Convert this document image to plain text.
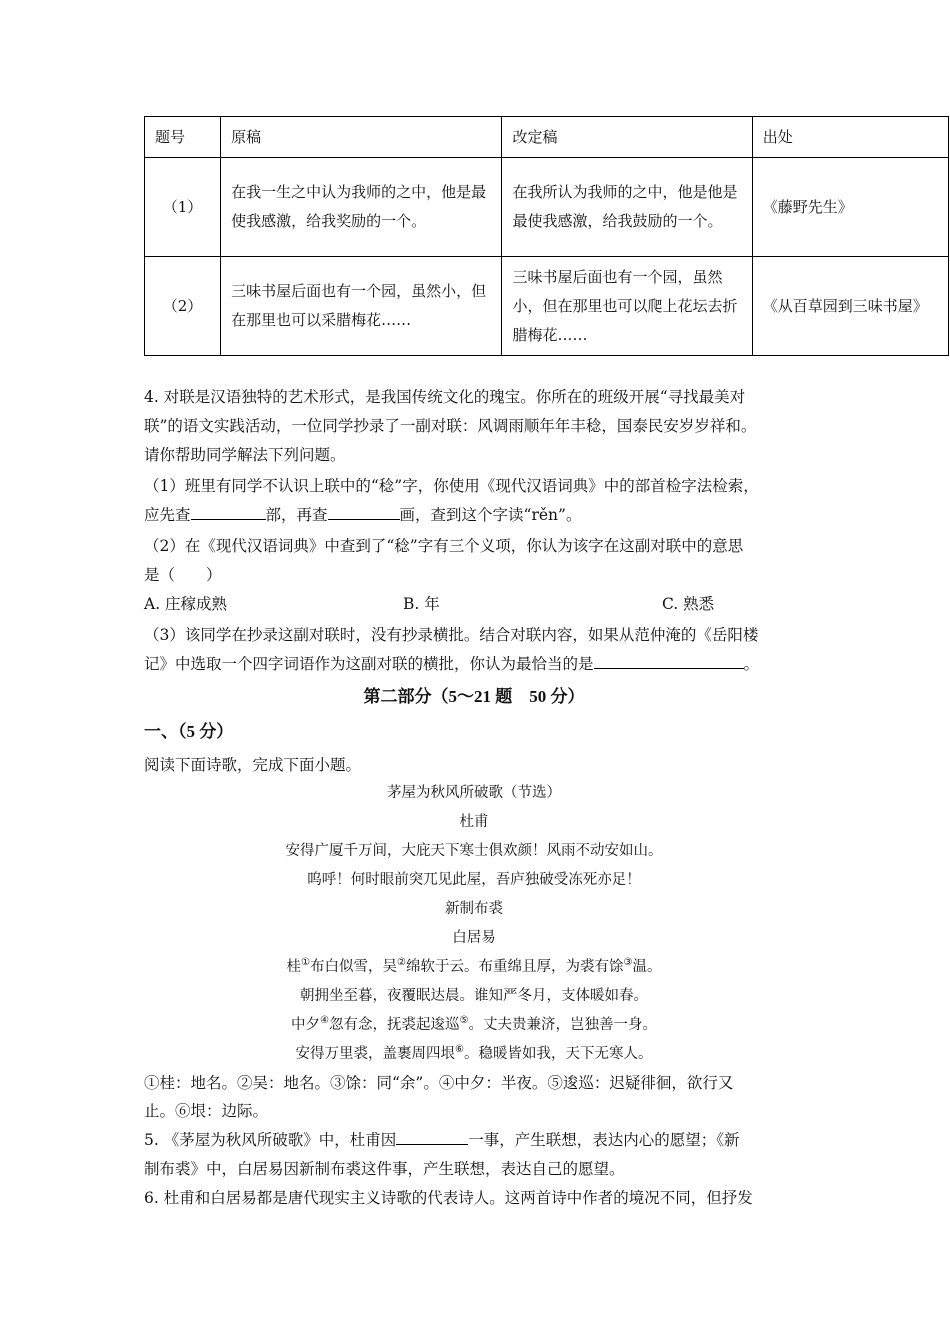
题号	原稿	改定稿	出处
（1）	在我一生之中认为我师的之中，他是最使我感激，给我奖励的一个。	在我所认为我师的之中，他是他是最使我感激，给我鼓励的一个。	《藤野先生》
（2）	三味书屋后面也有一个园，虽然小，但在那里也可以采腊梅花……	三味书屋后面也有一个园，虽然小，但在那里也可以爬上花坛去折腊梅花……	《从百草园到三味书屋》
4. 对联是汉语独特的艺术形式，是我国传统文化的瑰宝。你所在的班级开展“寻找最美对
联”的语文实践活动，一位同学抄录了一副对联：风调雨顺年年丰稔，国泰民安岁岁祥和。
请你帮助同学解法下列问题。
（1）班里有同学不认识上联中的“稔”字，你使用《现代汉语词典》中的部首检字法检索，
应先查	部，再查	画，查到这个字读“rěn”。
（2）在《现代汉语词典》中查到了“稔”字有三个义项，你认为该字在这副对联中的意思
是（　　）
A. 庄稼成熟	B. 年	C. 熟悉
（3）该同学在抄录这副对联时，没有抄录横批。结合对联内容，如果从范仲淹的《岳阳楼
记》中选取一个四字词语作为这副对联的横批，你认为最恰当的是	。
第二部分（5～21 题　50 分）
一、（5 分）
阅读下面诗歌，完成下面小题。
茅屋为秋风所破歌（节选）
杜甫
安得广厦千万间，大庇天下寒士俱欢颜！风雨不动安如山。
呜呼！何时眼前突兀见此屋，吾庐独破受冻死亦足！
新制布裘
白居易
桂①布白似雪，吴②绵软于云。布重绵且厚，为裘有馀③温。
朝拥坐至暮，夜覆眠达晨。谁知严冬月，支体暖如春。
中夕④忽有念，抚裘起逡巡⑤。丈夫贵兼济，岂独善一身。
安得万里裘，盖裹周四垠⑥。稳暖皆如我，天下无寒人。
①桂：地名。②吴：地名。③馀：同“余”。④中夕：半夜。⑤逡巡：迟疑徘徊，欲行又
止。⑥垠：边际。
5. 《茅屋为秋风所破歌》中，杜甫因	一事，产生联想，表达内心的愿望；《新
制布裘》中，白居易因新制布裘这件事，产生联想，表达自己的愿望。
6. 杜甫和白居易都是唐代现实主义诗歌的代表诗人。这两首诗中作者的境况不同，但抒发
